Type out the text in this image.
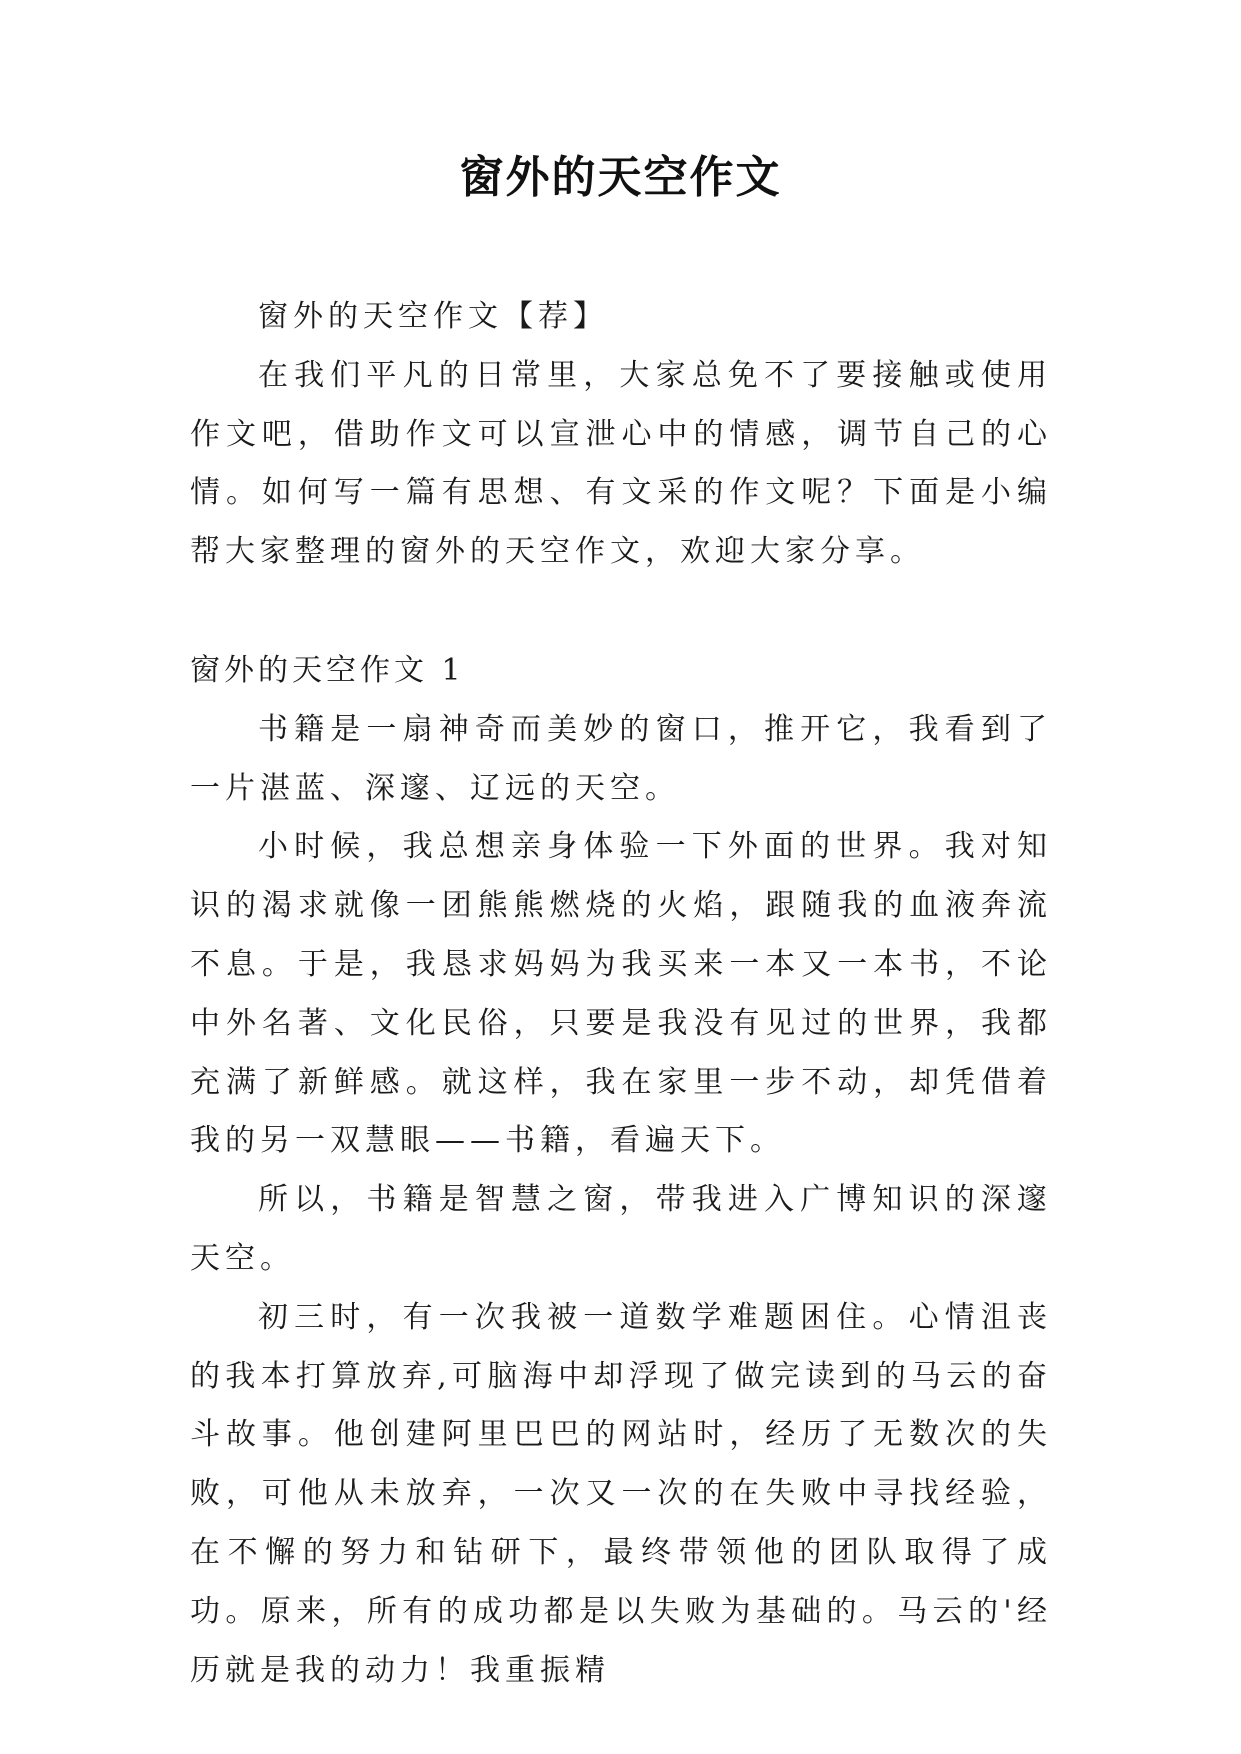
窗外的天空作文

窗外的天空作文【荐】

在我们平凡的日常里，大家总免不了要接触或使用作文吧，借助作文可以宣泄心中的情感，调节自己的心情。如何写一篇有思想、有文采的作文呢？下面是小编帮大家整理的窗外的天空作文，欢迎大家分享。

窗外的天空作文 1

书籍是一扇神奇而美妙的窗口，推开它，我看到了一片湛蓝、深邃、辽远的天空。

小时候，我总想亲身体验一下外面的世界。我对知识的渴求就像一团熊熊燃烧的火焰，跟随我的血液奔流不息。于是，我恳求妈妈为我买来一本又一本书，不论中外名著、文化民俗，只要是我没有见过的世界，我都充满了新鲜感。就这样，我在家里一步不动，却凭借着我的另一双慧眼——书籍，看遍天下。

所以，书籍是智慧之窗，带我进入广博知识的深邃天空。

初三时，有一次我被一道数学难题困住。心情沮丧的我本打算放弃,可脑海中却浮现了做完读到的马云的奋斗故事。他创建阿里巴巴的网站时，经历了无数次的失败，可他从未放弃，一次又一次的在失败中寻找经验，在不懈的努力和钻研下，最终带领他的团队取得了成功。原来，所有的成功都是以失败为基础的。马云的'经历就是我的动力！我重振精
